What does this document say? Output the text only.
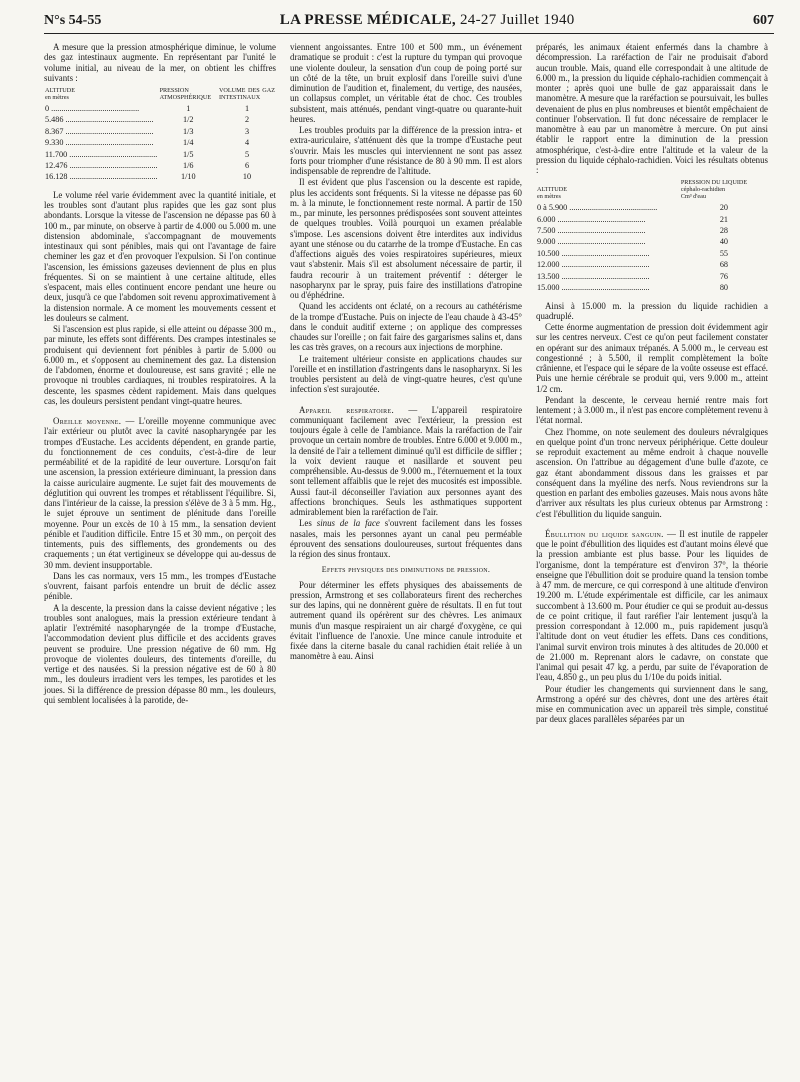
N°s 54-55	LA PRESSE MÉDICALE, 24-27 Juillet 1940	607

A mesure que la pression atmosphérique diminue, le volume des gaz intestinaux augmente. En représentant par l'unité le volume initial, au niveau de la mer, on obtient les chiffres suivants :

ALTITUDE
en mètres	PRESSION ATMOSPHÉRIQUE	VOLUME DES GAZ INTESTINAUX

0 .....	1	1

5.486 .....	1/2	2

8.367 .....	1/3	3

9.330 .....	1/4	4

11.700 .....	1/5	5

12.476 .....	1/6	6

16.128 .....	1/10	10

Le volume réel varie évidemment avec la quantité initiale, et les troubles sont d'autant plus rapides que les gaz sont plus abondants. Lorsque la vitesse de l'ascension ne dépasse pas 60 à 100 m., par minute, on observe à partir de 4.000 ou 5.000 m. une distension abdominale, s'accompagnant de mouvements intestinaux qui sont pénibles, mais qui ont l'avantage de faire cheminer les gaz et d'en provoquer l'expulsion. Si l'on continue l'ascension, les émissions gazeuses deviennent de plus en plus fréquentes. Si on se maintient à une certaine altitude, elles s'espacent, mais elles continuent encore pendant une heure ou deux, jusqu'à ce que l'abdomen soit revenu approximativement à la distension normale. A ce moment les mouvements cessent et les douleurs se calment.

Si l'ascension est plus rapide, si elle atteint ou dépasse 300 m., par minute, les effets sont différents. Des crampes intestinales se produisent qui deviennent fort pénibles à partir de 5.000 ou 6.000 m., et s'opposent au cheminement des gaz. La distension de l'abdomen, énorme et douloureuse, est sans gravité ; elle ne provoque ni troubles cardiaques, ni troubles respiratoires. A la descente, les spasmes cèdent rapidement. Mais dans quelques cas, les douleurs persistent pendant vingt-quatre heures.

Oreille moyenne. — L'oreille moyenne communique avec l'air extérieur ou plutôt avec la cavité nasopharyngée par les trompes d'Eustache. Les accidents dépendent, en grande partie, du fonctionnement de ces conduits, c'est-à-dire de leur perméabilité et de la rapidité de leur ouverture. Lorsqu'on fait une ascension, la pression extérieure diminuant, la pression dans la caisse auriculaire augmente. Le sujet fait des mouvements de déglutition qui ouvrent les trompes et rétablissent l'équilibre. Si, dans l'intérieur de la caisse, la pression s'élève de 3 à 5 mm. Hg., le sujet éprouve un sentiment de plénitude dans l'oreille moyenne. Pour un excès de 10 à 15 mm., la sensation devient pénible et l'audition difficile. Entre 15 et 30 mm., on perçoit des tintements, puis des sifflements, des grondements ou des craquements ; un état vertigineux se développe qui au-dessus de 30 mm. devient insupportable.

Dans les cas normaux, vers 15 mm., les trompes d'Eustache s'ouvrent, faisant parfois entendre un bruit de déclic assez pénible.

A la descente, la pression dans la caisse devient négative ; les troubles sont analogues, mais la pression extérieure tendant à aplatir l'extrémité nasopharyngée de la trompe d'Eustache, l'accommodation devient plus difficile et des accidents graves peuvent se produire. Une pression négative de 60 mm. Hg provoque de violentes douleurs, des tintements d'oreille, du vertige et des nausées. Si la pression négative est de 60 à 80 mm., les douleurs irradient vers les tempes, les parotides et les joues. Si la différence de pression dépasse 80 mm., les douleurs, qui semblent localisées à la parotide, de-

viennent angoissantes. Entre 100 et 500 mm., un événement dramatique se produit : c'est la rupture du tympan qui provoque une violente douleur, la sensation d'un coup de poing porté sur un côté de la tête, un bruit explosif dans l'oreille suivi d'une diminution de l'audition et, finalement, du vertige, des nausées, un collapsus complet, un véritable état de choc. Ces troubles subsistent, mais atténués, pendant vingt-quatre ou quarante-huit heures.

Les troubles produits par la différence de la pression intra- et extra-auriculaire, s'atténuent dès que la trompe d'Eustache peut s'ouvrir. Mais les muscles qui interviennent ne sont pas assez forts pour triompher d'une résistance de 80 à 90 mm. Il est alors indispensable de reprendre de l'altitude.

Il est évident que plus l'ascension ou la descente est rapide, plus les accidents sont fréquents. Si la vitesse ne dépasse pas 60 m. à la minute, le fonctionnement reste normal. A partir de 150 m., par minute, les personnes prédisposées sont souvent atteintes de quelques troubles. Voilà pourquoi un examen préalable s'impose. Les ascensions doivent être interdites aux individus ayant une sténose ou du catarrhe de la trompe d'Eustache. En cas d'affections aiguës des voies respiratoires supérieures, mieux vaut s'abstenir. Mais s'il est absolument nécessaire de partir, il faudra recourir à un traitement préventif : déterger le nasopharynx par le spray, puis faire des instillations d'atropine ou d'éphédrine.

Quand les accidents ont éclaté, on a recours au cathétérisme de la trompe d'Eustache. Puis on injecte de l'eau chaude à 43-45° dans le conduit auditif externe ; on applique des compresses chaudes sur l'oreille ; on fait faire des gargarismes salins et, dans les cas très graves, on a recours aux injections de morphine.

Le traitement ultérieur consiste en applications chaudes sur l'oreille et en instillation d'astringents dans le nasopharynx. Si les troubles persistent au delà de vingt-quatre heures, c'est qu'une infection s'est surajoutée.

Appareil respiratoire. — L'appareil respiratoire communiquant facilement avec l'extérieur, la pression est toujours égale à celle de l'ambiance. Mais la raréfaction de l'air provoque un certain nombre de troubles. Entre 6.000 et 9.000 m., la densité de l'air a tellement diminué qu'il est difficile de siffler ; la voix devient rauque et nasillarde et souvent peu compréhensible. Au-dessus de 9.000 m., l'éternuement et la toux sont tellement affaiblis que le rejet des mucosités est impossible. Aussi faut-il déconseiller l'aviation aux personnes ayant des affections bronchiques. Seuls les asthmatiques supportent admirablement bien la raréfaction de l'air.

Les sinus de la face s'ouvrent facilement dans les fosses nasales, mais les personnes ayant un canal peu perméable éprouvent des sensations douloureuses, surtout fréquentes dans la région des sinus frontaux.

Effets physiques des diminutions de pression.

Pour déterminer les effets physiques des abaissements de pression, Armstrong et ses collaborateurs firent des recherches sur des lapins, qui ne donnèrent guère de résultats. Il en fut tout autrement quand ils opérèrent sur des chèvres. Les animaux munis d'un masque respiraient un air chargé d'oxygène, ce qui évitait l'influence de l'anoxie. Une mince canule introduite et fixée dans la citerne basale du canal rachidien était reliée à un manomètre à eau. Ainsi

préparés, les animaux étaient enfermés dans la chambre à décompression. La raréfaction de l'air ne produisait d'abord aucun trouble. Mais, quand elle correspondait à une altitude de 6.000 m., la pression du liquide céphalo-rachidien commençait à monter ; après quoi une bulle de gaz apparaissait dans le manomètre. A mesure que la raréfaction se poursuivait, les bulles devenaient de plus en plus nombreuses et bientôt empêchaient de continuer l'observation. Il fut donc nécessaire de remplacer le manomètre à eau par un manomètre à mercure. On put ainsi établir le rapport entre la diminution de la pression atmosphérique, c'est-à-dire entre l'altitude et la valeur de la pression du liquide céphalo-rachidien. Voici les résultats obtenus :

ALTITUDE
en mètres	PRESSION DU LIQUIDE
céphalo-rachidien
Cm³ d'eau

0 à 5.900 .....	20

6.000 .....	21

7.500 .....	28

9.000 .....	40

10.500 .....	55

12.000 .....	68

13.500 .....	76

15.000 .....	80

Ainsi à 15.000 m. la pression du liquide rachidien a quadruplé.

Cette énorme augmentation de pression doit évidemment agir sur les centres nerveux. C'est ce qu'on peut facilement constater en opérant sur des animaux trépanés. A 5.000 m., le cerveau est congestionné ; à 5.500, il remplit complètement la boîte crânienne, et l'espace qui le sépare de la voûte osseuse est effacé. Puis une hernie cérébrale se produit qui, vers 9.000 m., atteint 1/2 cm.

Pendant la descente, le cerveau hernié rentre mais fort lentement ; à 3.000 m., il n'est pas encore complètement revenu à l'état normal.

Chez l'homme, on note seulement des douleurs névralgiques en quelque point d'un tronc nerveux périphérique. Cette douleur se reproduit exactement au même endroit à chaque nouvelle ascension. On l'attribue au dégagement d'une bulle d'azote, ce gaz étant abondamment dissous dans les graisses et par conséquent dans la myéline des nerfs. Nous reviendrons sur la question en parlant des embolies gazeuses. Mais nous avons hâte d'arriver aux résultats les plus curieux obtenus par Armstrong : c'est l'ébullition du liquide sanguin.

Ébullition du liquide sanguin. — Il est inutile de rappeler que le point d'ébullition des liquides est d'autant moins élevé que la pression ambiante est plus basse. Pour les liquides de l'organisme, dont la température est d'environ 37°, la théorie enseigne que l'ébullition doit se produire quand la tension tombe à 47 mm. de mercure, ce qui correspond à une altitude d'environ 19.200 m. L'étude expérimentale est difficile, car les animaux succombent à 13.600 m. Pour étudier ce qui se produit au-dessus de ce point critique, il faut raréfier l'air lentement jusqu'à la pression correspondant à 12.000 m., puis rapidement jusqu'à l'altitude dont on veut étudier les effets. Dans ces conditions, l'animal survit environ trois minutes à des altitudes de 20.000 et de 21.000 m. Reprenant alors le cadavre, on constate que l'animal qui pesait 47 kg. a perdu, par suite de l'évaporation de l'eau, 4.850 g., un peu plus du 1/10e du poids initial.

Pour étudier les changements qui surviennent dans le sang, Armstrong a opéré sur des chèvres, dont une des artères était mise en communication avec un appareil très simple, constitué par deux glaces parallèles séparées par un
